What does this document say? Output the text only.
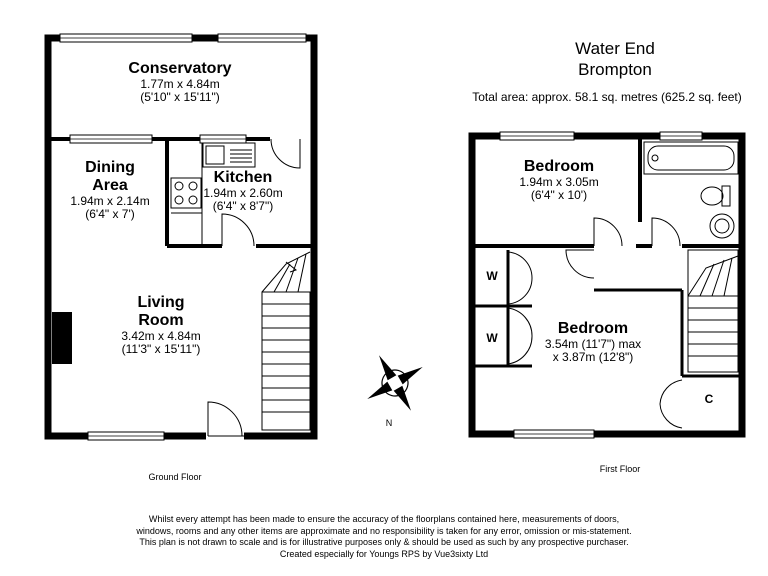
Conservatory
1.77m x 4.84m
(5'10" x 15'11")
Dining
Area
1.94m x 2.14m
(6'4" x 7')
Kitchen
1.94m x 2.60m
(6'4" x 8'7")
Living
Room
3.42m x 4.84m
(11'3" x 15'11")
Ground Floor
Water End
Brompton
Total area: approx. 58.1 sq. metres (625.2 sq. feet)
Bedroom
1.94m x 3.05m
(6'4" x 10')
Bedroom
3.54m (11'7") max
x 3.87m (12'8")
W
W
C
First Floor
N
Whilst every attempt has been made to ensure the accuracy of the floorplans contained here, measurements of doors,
windows, rooms and any other items are approximate and no responsibility is taken for any error, omission or mis-statement.
This plan is not drawn to scale and is for illustrative purposes only & should be used as such by any prospective purchaser.
Created especially for Youngs RPS by Vue3sixty Ltd
